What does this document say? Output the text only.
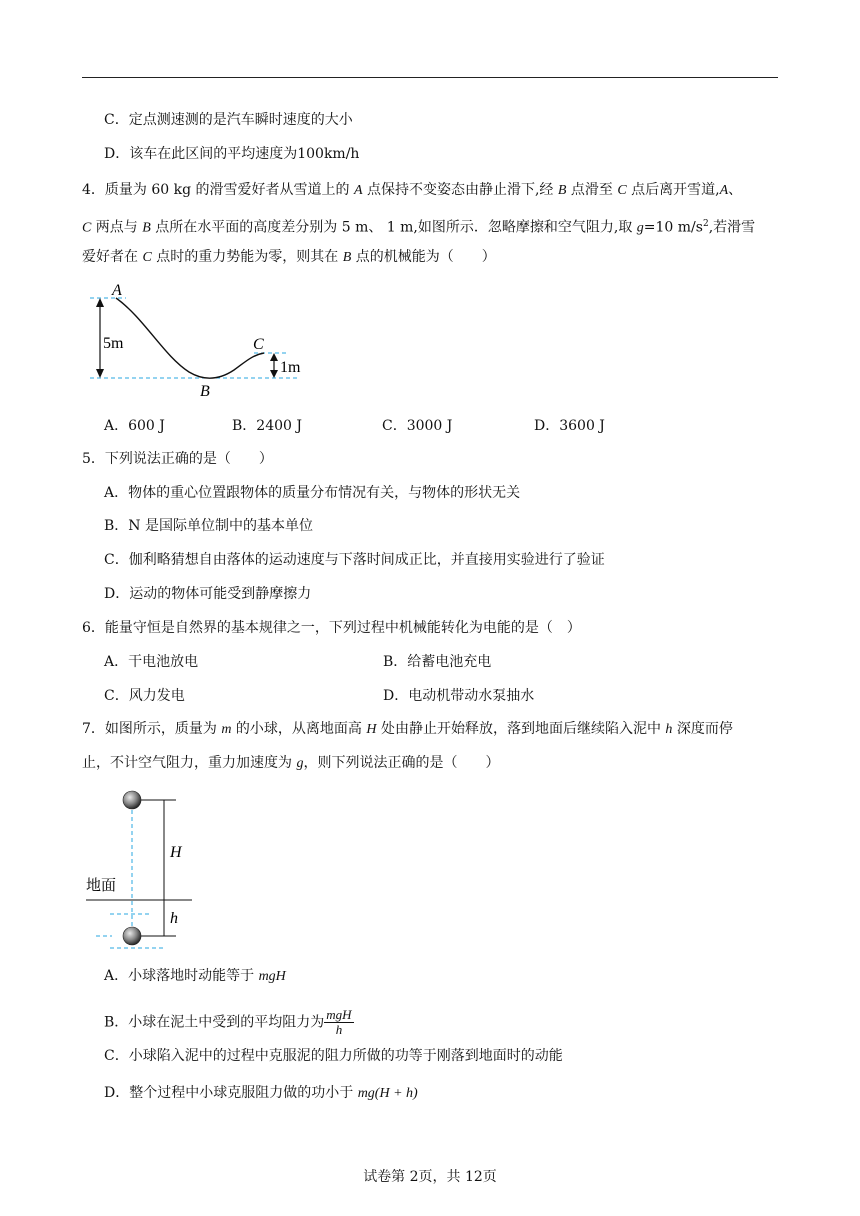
C．定点测速测的是汽车瞬时速度的大小
D．该车在此区间的平均速度为100km/h
4．质量为 60 kg 的滑雪爱好者从雪道上的 A 点保持不变姿态由静止滑下,经 B 点滑至 C 点后离开雪道,A、
C 两点与 B 点所在水平面的高度差分别为 5 m、 1 m,如图所示．忽略摩擦和空气阻力,取 g=10 $m/s^2$,若滑雪
爱好者在 C 点时的重力势能为零，则其在 B 点的机械能为（　　）
A
B
C
5m
1m
A．600 J	B．2400 J	C．3000 J	D．3600 J
5．下列说法正确的是（　　）
A．物体的重心位置跟物体的质量分布情况有关，与物体的形状无关
B．N 是国际单位制中的基本单位
C．伽利略猜想自由落体的运动速度与下落时间成正比，并直接用实验进行了验证
D．运动的物体可能受到静摩擦力
6．能量守恒是自然界的基本规律之一，下列过程中机械能转化为电能的是（　）
A．干电池放电	B．给蓄电池充电
C．风力发电	D．电动机带动水泵抽水
7．如图所示，质量为 m 的小球，从离地面高 H 处由静止开始释放，落到地面后继续陷入泥中 h 深度而停
止，不计空气阻力，重力加速度为 g，则下列说法正确的是（　　）
H
h
地面
A．小球落地时动能等于 mgH
B．小球在泥土中受到的平均阻力为 $\frac{\text{mgH}}{h}$
C．小球陷入泥中的过程中克服泥的阻力所做的功等于刚落到地面时的动能
D．整个过程中小球克服阻力做的功小于 mg(H + h)
试卷第 2页，共 12页
